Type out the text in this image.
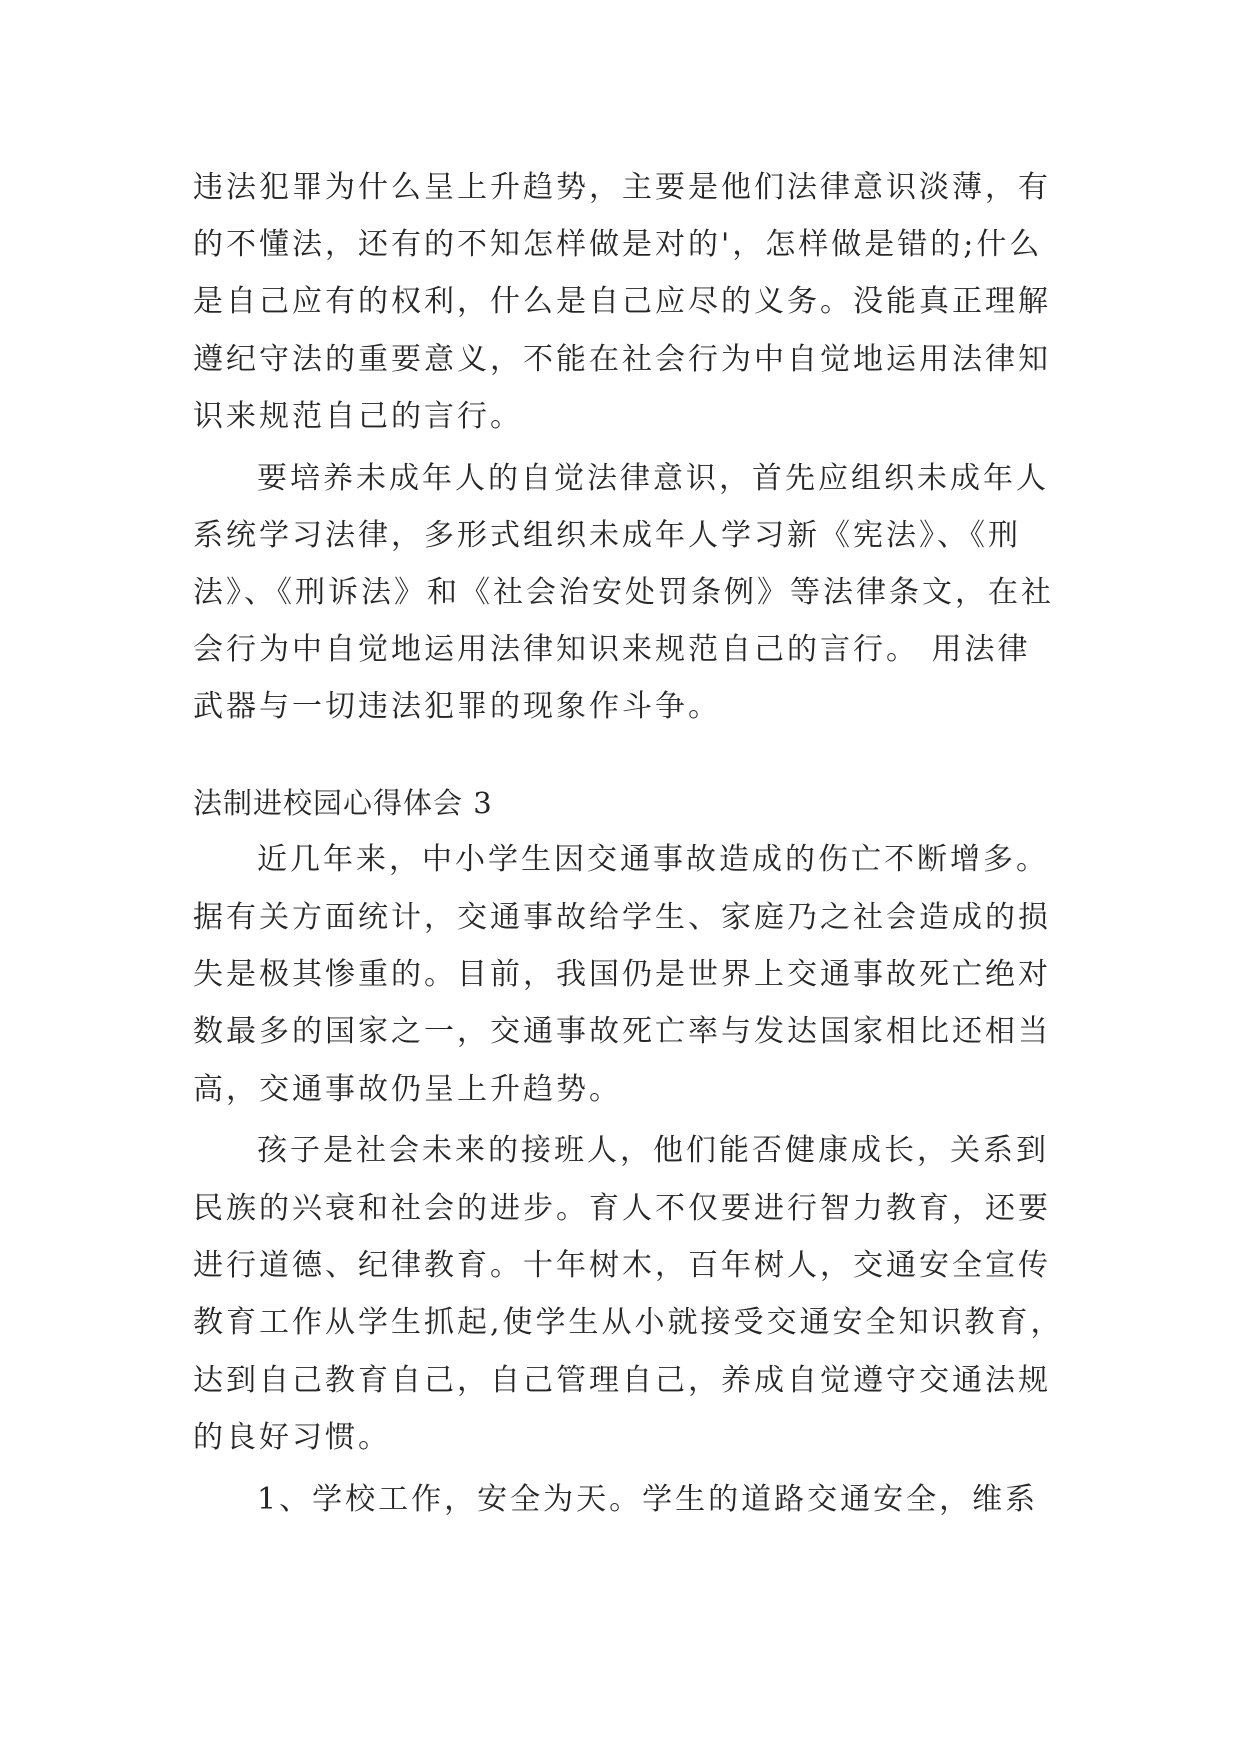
违法犯罪为什么呈上升趋势，主要是他们法律意识淡薄，有
的不懂法，还有的不知怎样做是对的'，怎样做是错的;什么
是自己应有的权利，什么是自己应尽的义务。没能真正理解
遵纪守法的重要意义，不能在社会行为中自觉地运用法律知
识来规范自己的言行。
要培养未成年人的自觉法律意识，首先应组织未成年人
系统学习法律，多形式组织未成年人学习新《宪法》、《刑
法》、《刑诉法》和《社会治安处罚条例》等法律条文，在社
会行为中自觉地运用法律知识来规范自己的言行。 用法律
武器与一切违法犯罪的现象作斗争。
法制进校园心得体会 3
近几年来，中小学生因交通事故造成的伤亡不断增多。
据有关方面统计，交通事故给学生、家庭乃之社会造成的损
失是极其惨重的。目前，我国仍是世界上交通事故死亡绝对
数最多的国家之一，交通事故死亡率与发达国家相比还相当
高，交通事故仍呈上升趋势。
孩子是社会未来的接班人，他们能否健康成长，关系到
民族的兴衰和社会的进步。育人不仅要进行智力教育，还要
进行道德、纪律教育。十年树木，百年树人，交通安全宣传
教育工作从学生抓起,使学生从小就接受交通安全知识教育，
达到自己教育自己，自己管理自己，养成自觉遵守交通法规
的良好习惯。
1、学校工作，安全为天。学生的道路交通安全，维系
